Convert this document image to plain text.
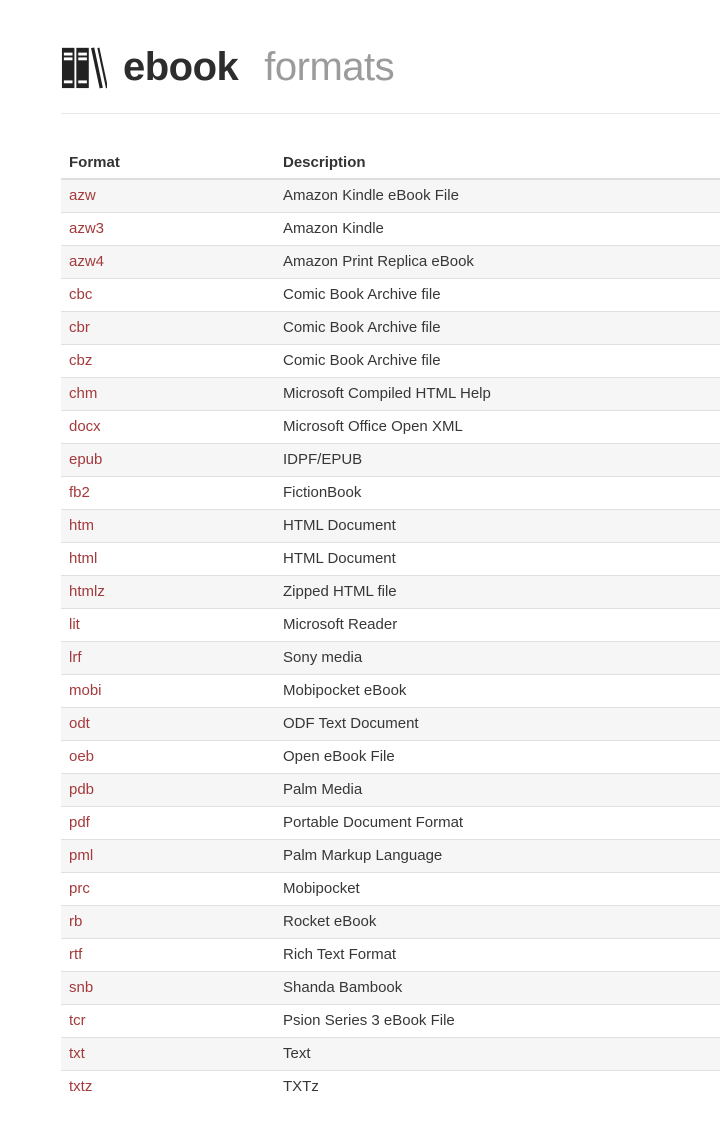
ebook formats
Format	Description
azw	Amazon Kindle eBook File
azw3	Amazon Kindle
azw4	Amazon Print Replica eBook
cbc	Comic Book Archive file
cbr	Comic Book Archive file
cbz	Comic Book Archive file
chm	Microsoft Compiled HTML Help
docx	Microsoft Office Open XML
epub	IDPF/EPUB
fb2	FictionBook
htm	HTML Document
html	HTML Document
htmlz	Zipped HTML file
lit	Microsoft Reader
lrf	Sony media
mobi	Mobipocket eBook
odt	ODF Text Document
oeb	Open eBook File
pdb	Palm Media
pdf	Portable Document Format
pml	Palm Markup Language
prc	Mobipocket
rb	Rocket eBook
rtf	Rich Text Format
snb	Shanda Bambook
tcr	Psion Series 3 eBook File
txt	Text
txtz	TXTz
